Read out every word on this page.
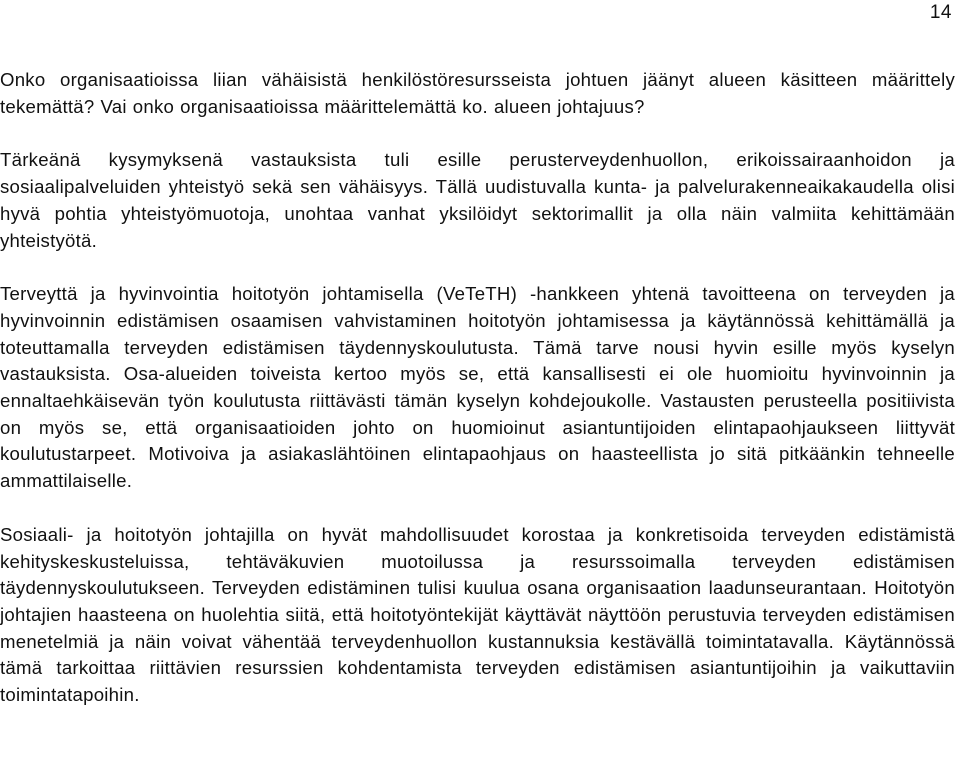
14

Onko organisaatioissa liian vähäisistä henkilöstöresursseista johtuen jäänyt alueen käsitteen määrittely tekemättä? Vai onko organisaatioissa määrittelemättä ko. alueen johtajuus?

Tärkeänä kysymyksenä vastauksista tuli esille perusterveydenhuollon, erikoissairaanhoidon ja sosiaalipalveluiden yhteistyö sekä sen vähäisyys. Tällä uudistuvalla kunta- ja palvelurakenneaikakaudella olisi hyvä pohtia yhteistyömuotoja, unohtaa vanhat yksilöidyt sektorimallit ja olla näin valmiita kehittämään yhteistyötä.

Terveyttä ja hyvinvointia hoitotyön johtamisella (VeTeTH) -hankkeen yhtenä tavoitteena on terveyden ja hyvinvoinnin edistämisen osaamisen vahvistaminen hoitotyön johtamisessa ja käytännössä kehittämällä ja toteuttamalla terveyden edistämisen täydennyskoulutusta. Tämä tarve nousi hyvin esille myös kyselyn vastauksista. Osa-alueiden toiveista kertoo myös se, että kansallisesti ei ole huomioitu hyvinvoinnin ja ennaltaehkäisevän työn koulutusta riittävästi tämän kyselyn kohdejoukolle. Vastausten perusteella positiivista on myös se, että organisaatioiden johto on huomioinut asiantuntijoiden elintapaohjaukseen liittyvät koulutustarpeet. Motivoiva ja asiakaslähtöinen elintapaohjaus on haasteellista jo sitä pitkäänkin tehneelle ammattilaiselle.

Sosiaali- ja hoitotyön johtajilla on hyvät mahdollisuudet korostaa ja konkretisoida terveyden edistämistä kehityskeskusteluissa, tehtäväkuvien muotoilussa ja resurssoimalla terveyden edistämisen täydennyskoulutukseen. Terveyden edistäminen tulisi kuulua osana organisaation laadunseurantaan. Hoitotyön johtajien haasteena on huolehtia siitä, että hoitotyöntekijät käyttävät näyttöön perustuvia terveyden edistämisen menetelmiä ja näin voivat vähentää terveydenhuollon kustannuksia kestävällä toimintatavalla. Käytännössä tämä tarkoittaa riittävien resurssien kohdentamista terveyden edistämisen asiantuntijoihin ja vaikuttaviin toimintatapoihin.
